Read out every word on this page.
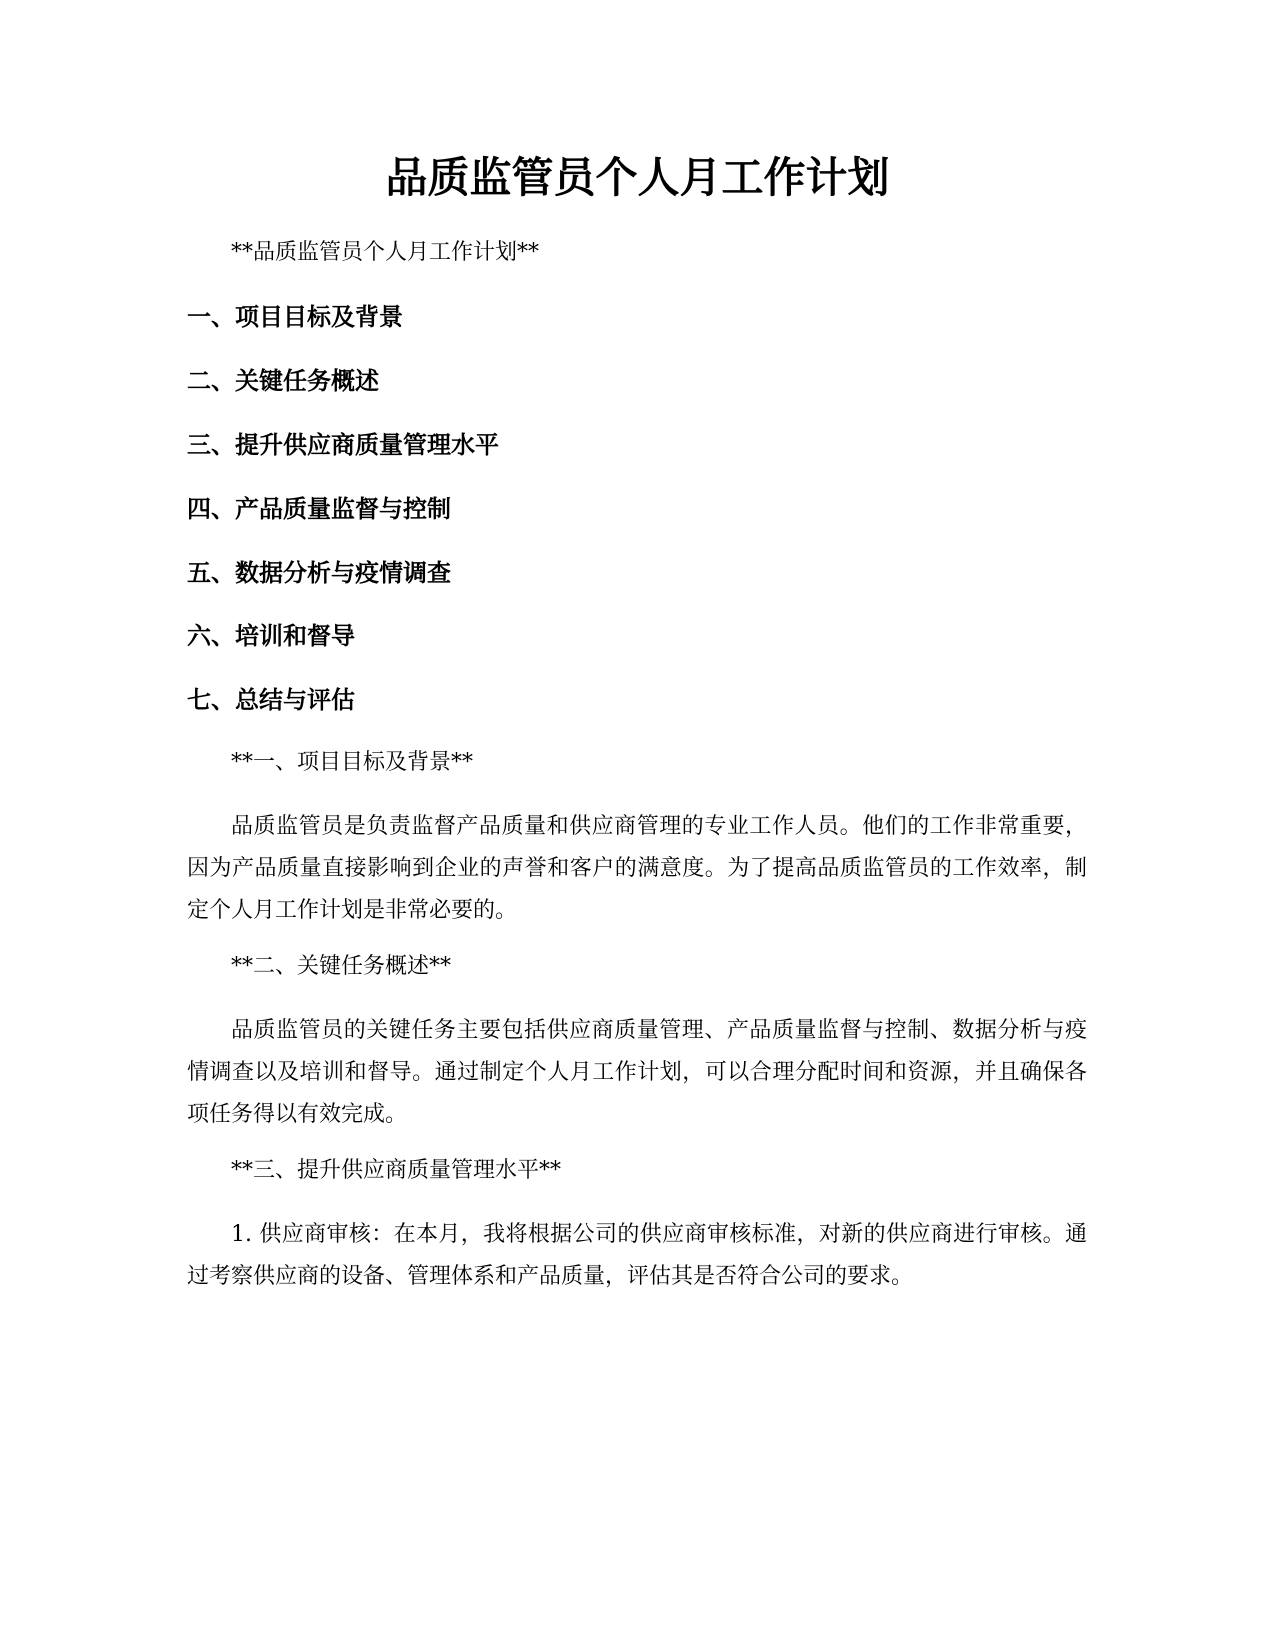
品质监管员个人月工作计划

**品质监管员个人月工作计划**

一、项目目标及背景

二、关键任务概述

三、提升供应商质量管理水平

四、产品质量监督与控制

五、数据分析与疫情调查

六、培训和督导

七、总结与评估

**一、项目目标及背景**

品质监管员是负责监督产品质量和供应商管理的专业工作人员。他们的工作非常重要，因为产品质量直接影响到企业的声誉和客户的满意度。为了提高品质监管员的工作效率，制定个人月工作计划是非常必要的。

**二、关键任务概述**

品质监管员的关键任务主要包括供应商质量管理、产品质量监督与控制、数据分析与疫情调查以及培训和督导。通过制定个人月工作计划，可以合理分配时间和资源，并且确保各项任务得以有效完成。

**三、提升供应商质量管理水平**

1. 供应商审核：在本月，我将根据公司的供应商审核标准，对新的供应商进行审核。通过考察供应商的设备、管理体系和产品质量，评估其是否符合公司的要求。
